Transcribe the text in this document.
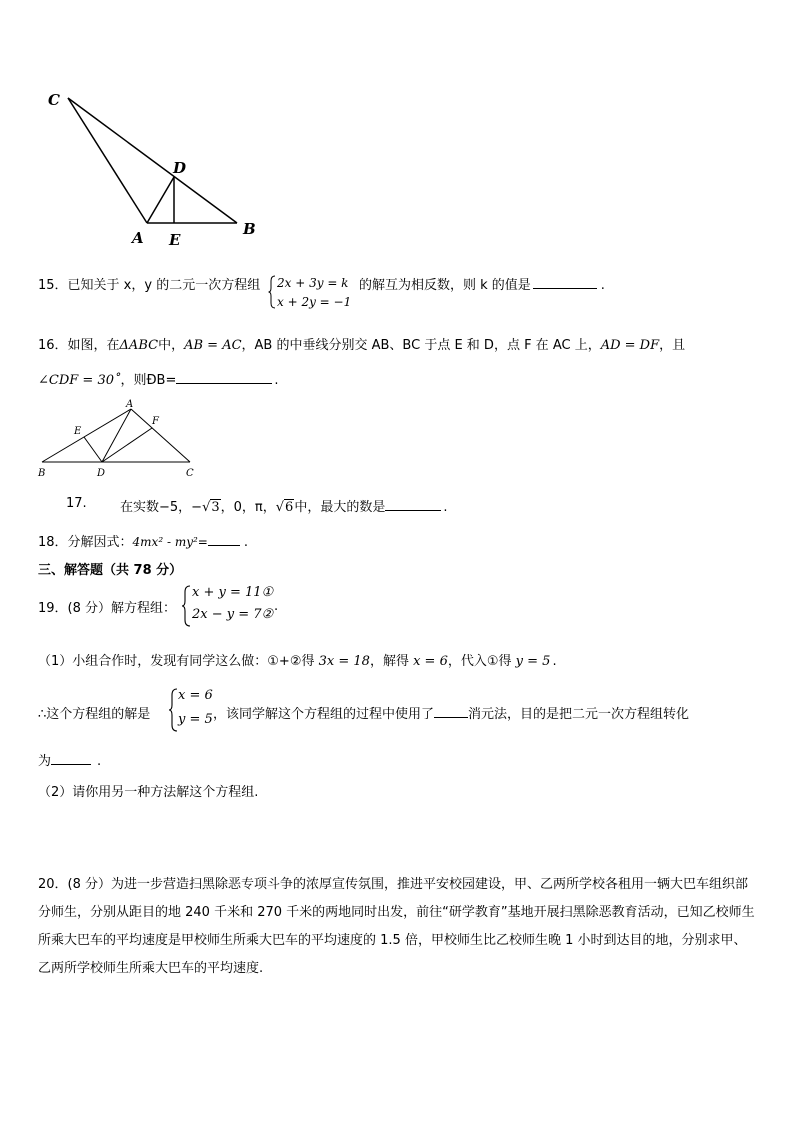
C
D
A E
B
15．已知关于 x，y 的二元一次方程组 2x + 3y = k
x + 2y = −1
的解互为相反数，则 k 的值是	.
16．如图，在ΔABC中，AB = AC，AB 的中垂线分别交 AB、BC 于点 E 和 D，点 F 在 AC 上，AD = DF，且
∠CDF = 30˚，则ÐB=	.
A
E
F
B	D	C
17.	在实数−5，−√3，0，π，√6中，最大的数是	.
18．分解因式：4mx² - my²=	.
三、解答题（共 78 分）
19．(8 分）解方程组：
x + y = 11①
2x − y = 7②
.
（1）小组合作时，发现有同学这么做：①+②得 3x = 18，解得 x = 6，代入①得 y = 5 .
∴这个方程组的解是
x = 6
y = 5 ，该同学解这个方程组的过程中使用了	消元法，目的是把二元一次方程组转化
为	.
（2）请你用另一种方法解这个方程组.
20．(8 分）为进一步营造扫黑除恶专项斗争的浓厚宣传氛围，推进平安校园建设，甲、乙两所学校各租用一辆大巴车组织部分师生，分别从距目的地 240 千米和 270 千米的两地同时出发，前往“研学教育”基地开展扫黑除恶教育活动，已知乙校师生所乘大巴车的平均速度是甲校师生所乘大巴车的平均速度的 1.5 倍，甲校师生比乙校师生晚 1 小时到达目的地，分别求甲、乙两所学校师生所乘大巴车的平均速度.
